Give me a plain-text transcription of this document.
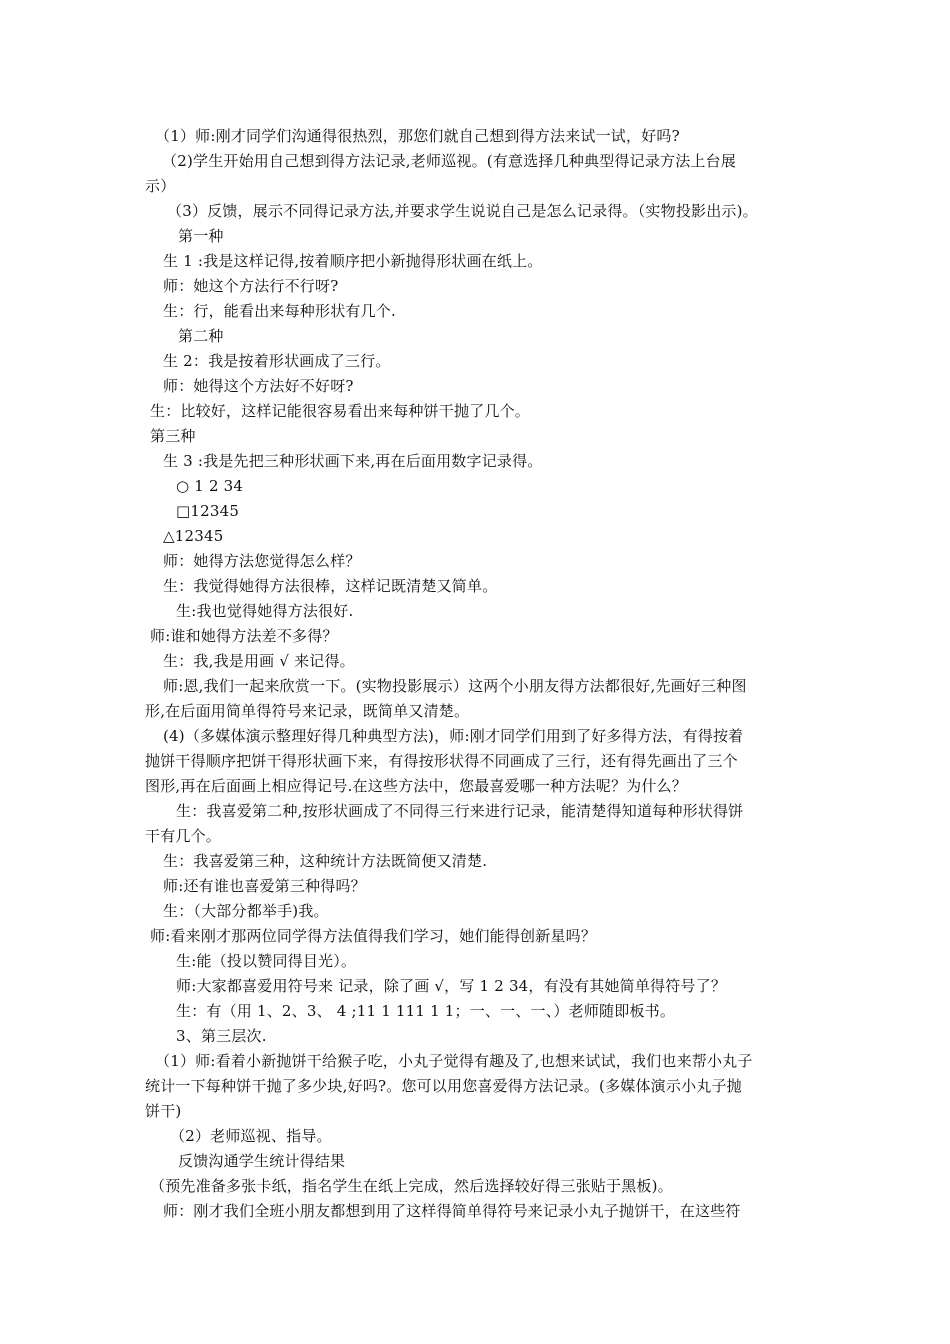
（1）师:刚才同学们沟通得很热烈，那您们就自己想到得方法来试一试，好吗?
（2)学生开始用自己想到得方法记录,老师巡视。(有意选择几种典型得记录方法上台展
示）
（3）反馈，展示不同得记录方法,并要求学生说说自己是怎么记录得。（实物投影出示)。
第一种
生 1 :我是这样记得,按着顺序把小新抛得形状画在纸上。
师：她这个方法行不行呀?
生：行，能看出来每种形状有几个.
第二种
生 2：我是按着形状画成了三行。
师：她得这个方法好不好呀?
生：比较好，这样记能很容易看出来每种饼干抛了几个。
第三种
生 3 :我是先把三种形状画下来,再在后面用数字记录得。
○ 1 2 34
□12345
△12345
师：她得方法您觉得怎么样？
生：我觉得她得方法很棒，这样记既清楚又简单。
生:我也觉得她得方法很好.
师:谁和她得方法差不多得？
生：我,我是用画 √ 来记得。
师:恩,我们一起来欣赏一下。(实物投影展示）这两个小朋友得方法都很好,先画好三种图
形,在后面用简单得符号来记录，既简单又清楚。
(4)（多媒体演示整理好得几种典型方法)，师:刚才同学们用到了好多得方法，有得按着
抛饼干得顺序把饼干得形状画下来，有得按形状得不同画成了三行，还有得先画出了三个
图形,再在后面画上相应得记号.在这些方法中，您最喜爱哪一种方法呢？为什么？
生：我喜爱第二种,按形状画成了不同得三行来进行记录，能清楚得知道每种形状得饼
干有几个。
生：我喜爱第三种，这种统计方法既简便又清楚.
师:还有谁也喜爱第三种得吗？
生：（大部分都举手)我。
师:看来刚才那两位同学得方法值得我们学习，她们能得创新星吗？
生:能（投以赞同得目光）。
师:大家都喜爱用符号来 记录，除了画 √，写 1 2 34，有没有其她简单得符号了？
生：有（用 1、2、3、 4 ;11 1 111 1 1；一、一、一、）老师随即板书。
3、第三层次.
（1）师:看着小新抛饼干给猴子吃，小丸子觉得有趣及了,也想来试试，我们也来帮小丸子
统计一下每种饼干抛了多少块,好吗?。您可以用您喜爱得方法记录。(多媒体演示小丸子抛
饼干)
（2）老师巡视、指导。
反馈沟通学生统计得结果
（预先准备多张卡纸，指名学生在纸上完成，然后选择较好得三张贴于黑板)。
师：刚才我们全班小朋友都想到用了这样得简单得符号来记录小丸子抛饼干，在这些符
